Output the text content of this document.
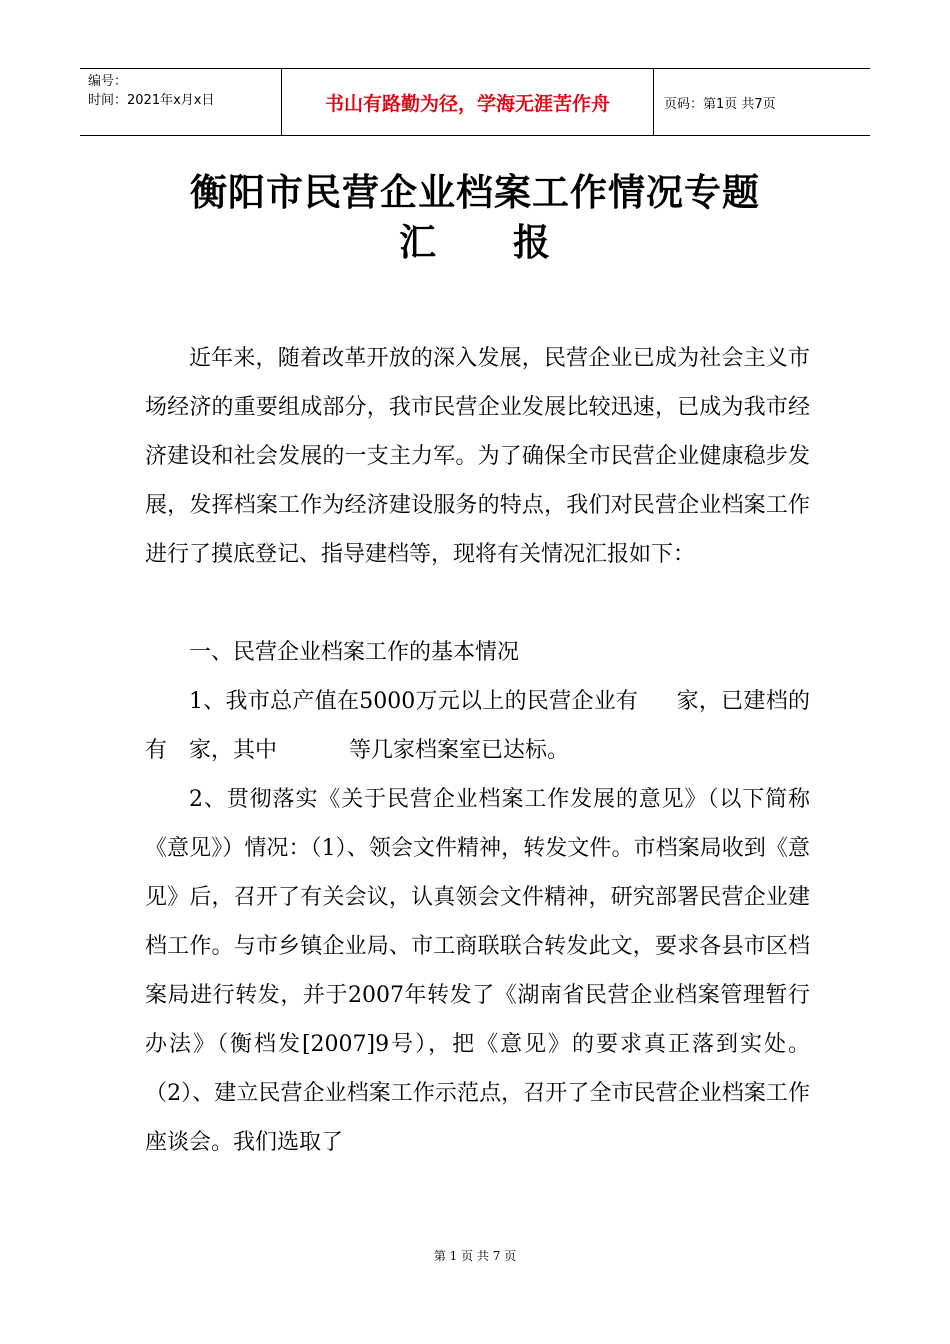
编号：
时间：2021年x月x日	书山有路勤为径，学海无涯苦作舟	页码：第1页 共7页
衡阳市民营企业档案工作情况专题
汇　　报

近年来，随着改革开放的深入发展，民营企业已成为社会主义市场经济的重要组成部分，我市民营企业发展比较迅速，已成为我市经济建设和社会发展的一支主力军。为了确保全市民营企业健康稳步发展，发挥档案工作为经济建设服务的特点，我们对民营企业档案工作进行了摸底登记、指导建档等，现将有关情况汇报如下：

一、民营企业档案工作的基本情况

1、我市总产值在5000万元以上的民营企业有 家，已建档的有 家，其中	等几家档案室已达标。

2、贯彻落实《关于民营企业档案工作发展的意见》（以下简称《意见》）情况：（1）、领会文件精神，转发文件。市档案局收到《意见》后，召开了有关会议，认真领会文件精神，研究部署民营企业建档工作。与市乡镇企业局、市工商联联合转发此文，要求各县市区档案局进行转发，并于2007年转发了《湖南省民营企业档案管理暂行办法》（衡档发[2007]9号），把《意见》的要求真正落到实处。（2）、建立民营企业档案工作示范点，召开了全市民营企业档案工作座谈会。我们选取了

第 1 页 共 7 页
